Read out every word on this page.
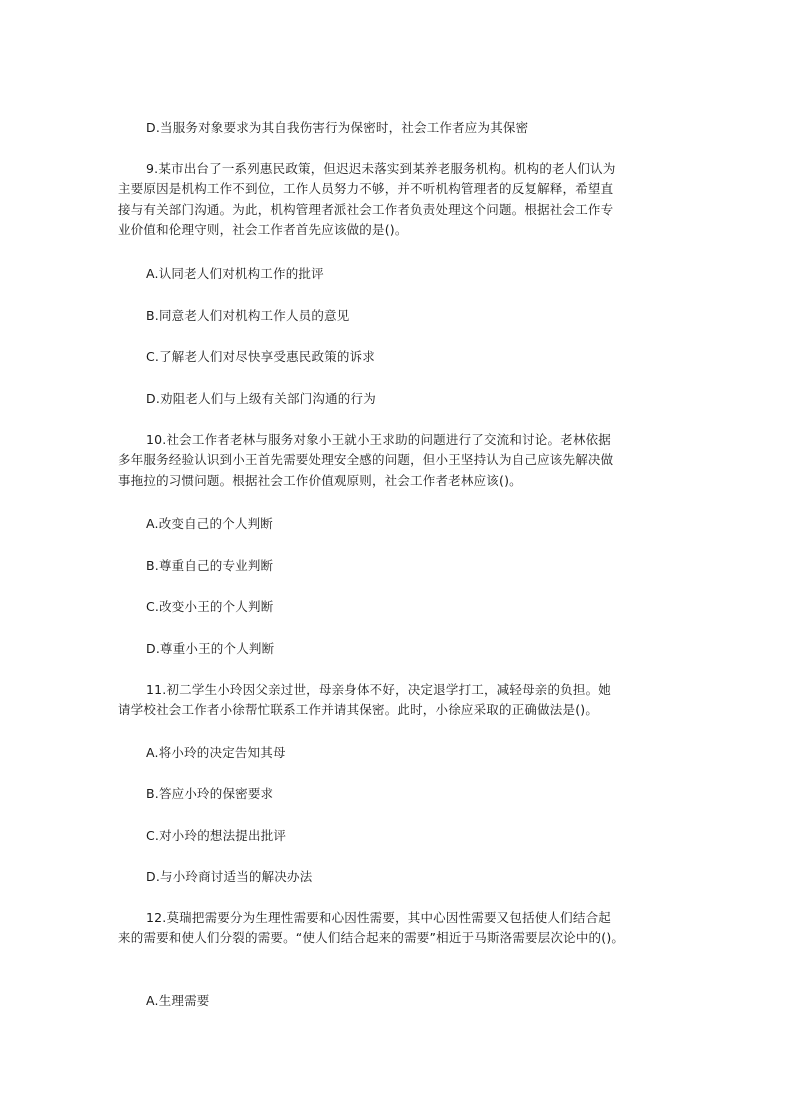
D.当服务对象要求为其自我伤害行为保密时，社会工作者应为其保密
9.某市出台了一系列惠民政策，但迟迟未落实到某养老服务机构。机构的老人们认为
主要原因是机构工作不到位，工作人员努力不够，并不听机构管理者的反复解释，希望直
接与有关部门沟通。为此，机构管理者派社会工作者负责处理这个问题。根据社会工作专
业价值和伦理守则，社会工作者首先应该做的是()。
A.认同老人们对机构工作的批评
B.同意老人们对机构工作人员的意见
C.了解老人们对尽快享受惠民政策的诉求
D.劝阻老人们与上级有关部门沟通的行为
10.社会工作者老林与服务对象小王就小王求助的问题进行了交流和讨论。老林依据
多年服务经验认识到小王首先需要处理安全感的问题，但小王坚持认为自己应该先解决做
事拖拉的习惯问题。根据社会工作价值观原则，社会工作者老林应该()。
A.改变自己的个人判断
B.尊重自己的专业判断
C.改变小王的个人判断
D.尊重小王的个人判断
11.初二学生小玲因父亲过世，母亲身体不好，决定退学打工，减轻母亲的负担。她
请学校社会工作者小徐帮忙联系工作并请其保密。此时，小徐应采取的正确做法是()。
A.将小玲的决定告知其母
B.答应小玲的保密要求
C.对小玲的想法提出批评
D.与小玲商讨适当的解决办法
12.莫瑞把需要分为生理性需要和心因性需要，其中心因性需要又包括使人们结合起
来的需要和使人们分裂的需要。“使人们结合起来的需要”相近于马斯洛需要层次论中的()。
A.生理需要
